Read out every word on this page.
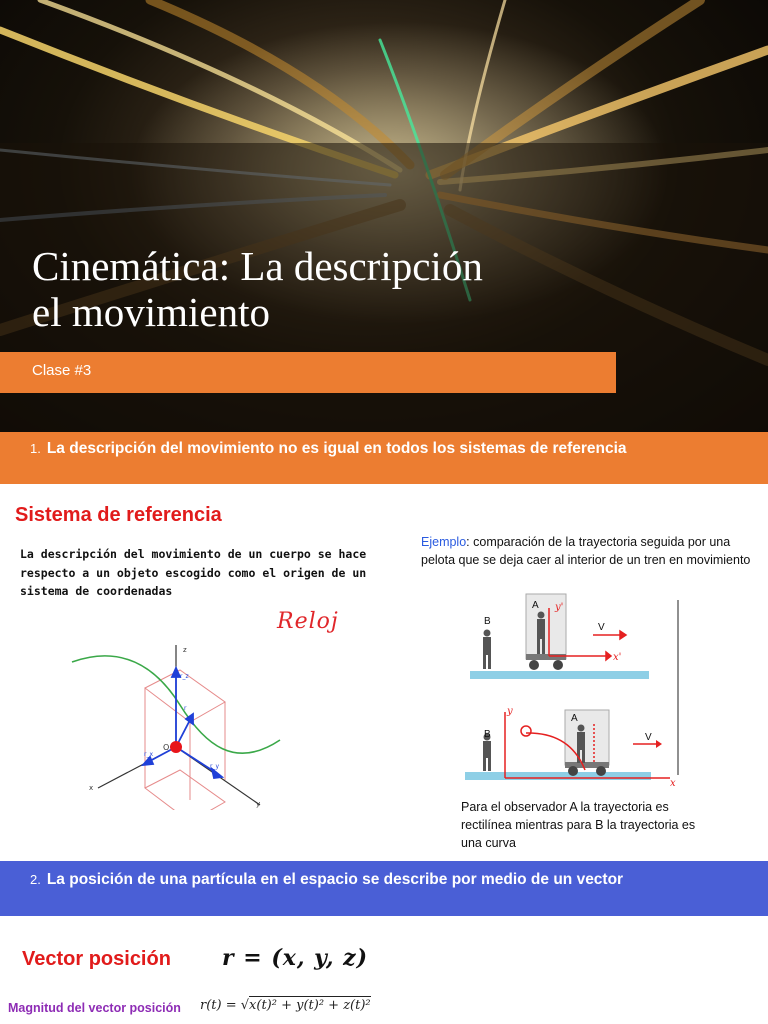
Cinemática: La descripción
el movimiento
Clase #3
1. La descripción del movimiento no es igual en todos los sistemas de referencia
Sistema de referencia

La descripción del movimiento de un cuerpo se hace respecto a un objeto escogido como el origen de un sistema de coordenadas

Reloj
z
x
y
O
r_z
r
r_x
r_y

Ejemplo: comparación de la trayectoria seguida por una pelota que se deja caer al interior de un tren en movimiento

A
B
V
y'
x'
A
B	V
y
x

Para el observador A la trayectoria es rectilínea mientras para B la trayectoria es una curva

2. La posición de una partícula en el espacio se describe por medio de un vector
Vector posición r = (x, y, z)
Magnitud del vector posición r(t) = √x(t)² + y(t)² + z(t)²
